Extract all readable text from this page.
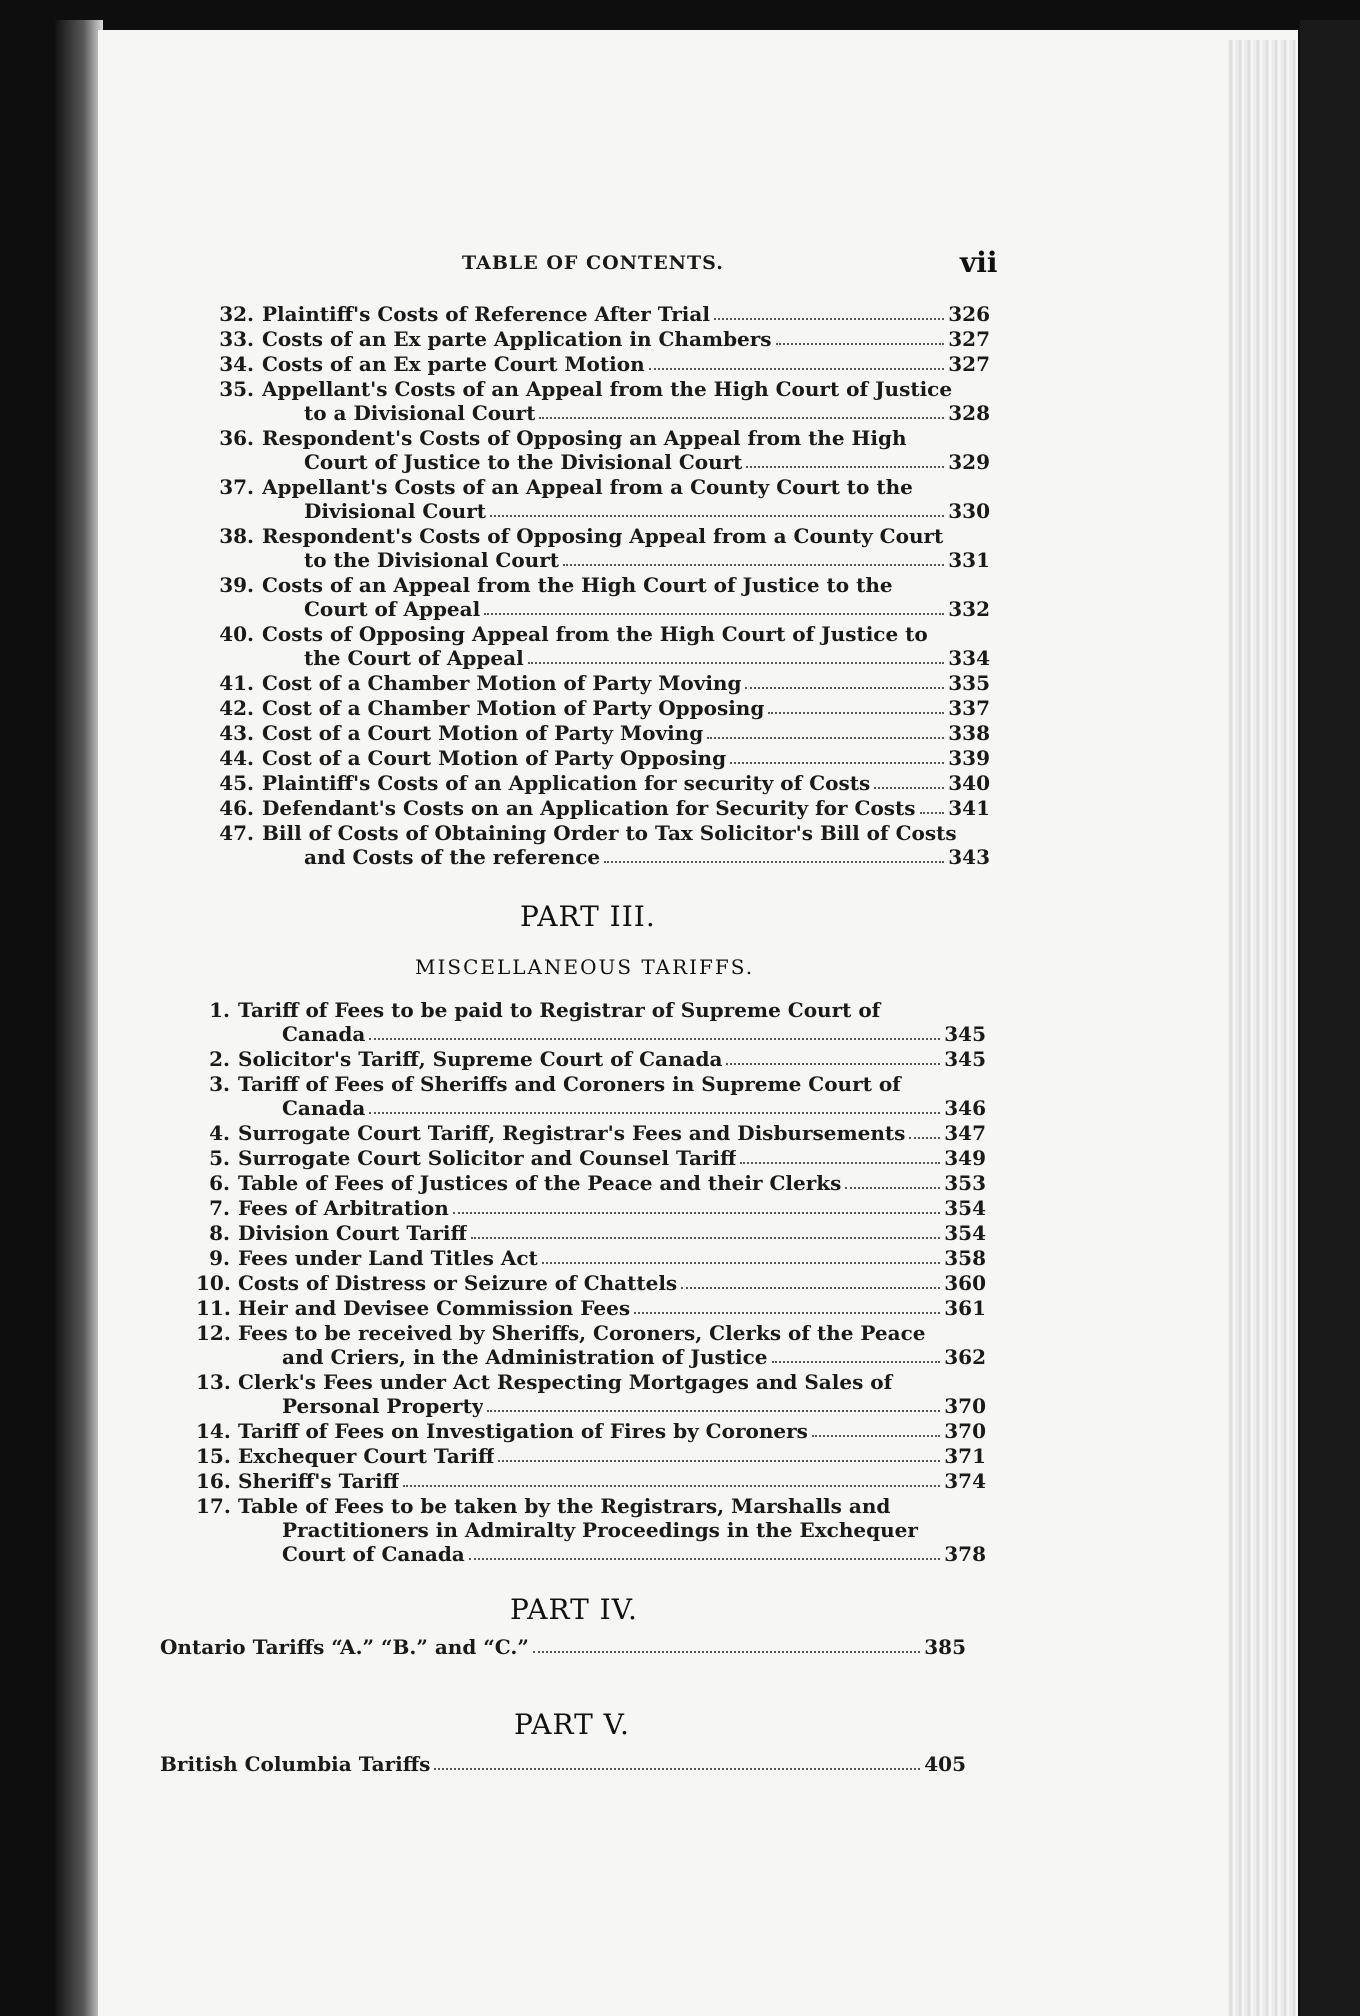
TABLE OF CONTENTS.	vii
32. Plaintiff's Costs of Reference After Trial	326
33. Costs of an Ex parte Application in Chambers	327
34. Costs of an Ex parte Court Motion	327
35. Appellant's Costs of an Appeal from the High Court of Justice
to a Divisional Court	328
36. Respondent's Costs of Opposing an Appeal from the High
Court of Justice to the Divisional Court	329
37. Appellant's Costs of an Appeal from a County Court to the
Divisional Court	330
38. Respondent's Costs of Opposing Appeal from a County Court
to the Divisional Court	331
39. Costs of an Appeal from the High Court of Justice to the
Court of Appeal	332
40. Costs of Opposing Appeal from the High Court of Justice to
the Court of Appeal	334
41. Cost of a Chamber Motion of Party Moving	335
42. Cost of a Chamber Motion of Party Opposing	337
43. Cost of a Court Motion of Party Moving	338
44. Cost of a Court Motion of Party Opposing	339
45. Plaintiff's Costs of an Application for security of Costs	340
46. Defendant's Costs on an Application for Security for Costs 341
47. Bill of Costs of Obtaining Order to Tax Solicitor's Bill of Costs
and Costs of the reference	343
PART III.
MISCELLANEOUS TARIFFS.
1. Tariff of Fees to be paid to Registrar of Supreme Court of
Canada	345
2. Solicitor's Tariff, Supreme Court of Canada	345
3. Tariff of Fees of Sheriffs and Coroners in Supreme Court of
Canada	346
4. Surrogate Court Tariff, Registrar's Fees and Disbursements 347
5. Surrogate Court Solicitor and Counsel Tariff	349
6. Table of Fees of Justices of the Peace and their Clerks	353
7. Fees of Arbitration	354
8. Division Court Tariff	354
9. Fees under Land Titles Act	358
10. Costs of Distress or Seizure of Chattels	360
11. Heir and Devisee Commission Fees	361
12. Fees to be received by Sheriffs, Coroners, Clerks of the Peace
and Criers, in the Administration of Justice	362
13. Clerk's Fees under Act Respecting Mortgages and Sales of
Personal Property	370
14. Tariff of Fees on Investigation of Fires by Coroners	370
15. Exchequer Court Tariff	371
16. Sheriff's Tariff	374
17. Table of Fees to be taken by the Registrars, Marshalls and
Practitioners in Admiralty Proceedings in the Exchequer
Court of Canada	378
PART IV.
Ontario Tariffs “A.” “B.” and “C.”	385
PART V.
British Columbia Tariffs	405
